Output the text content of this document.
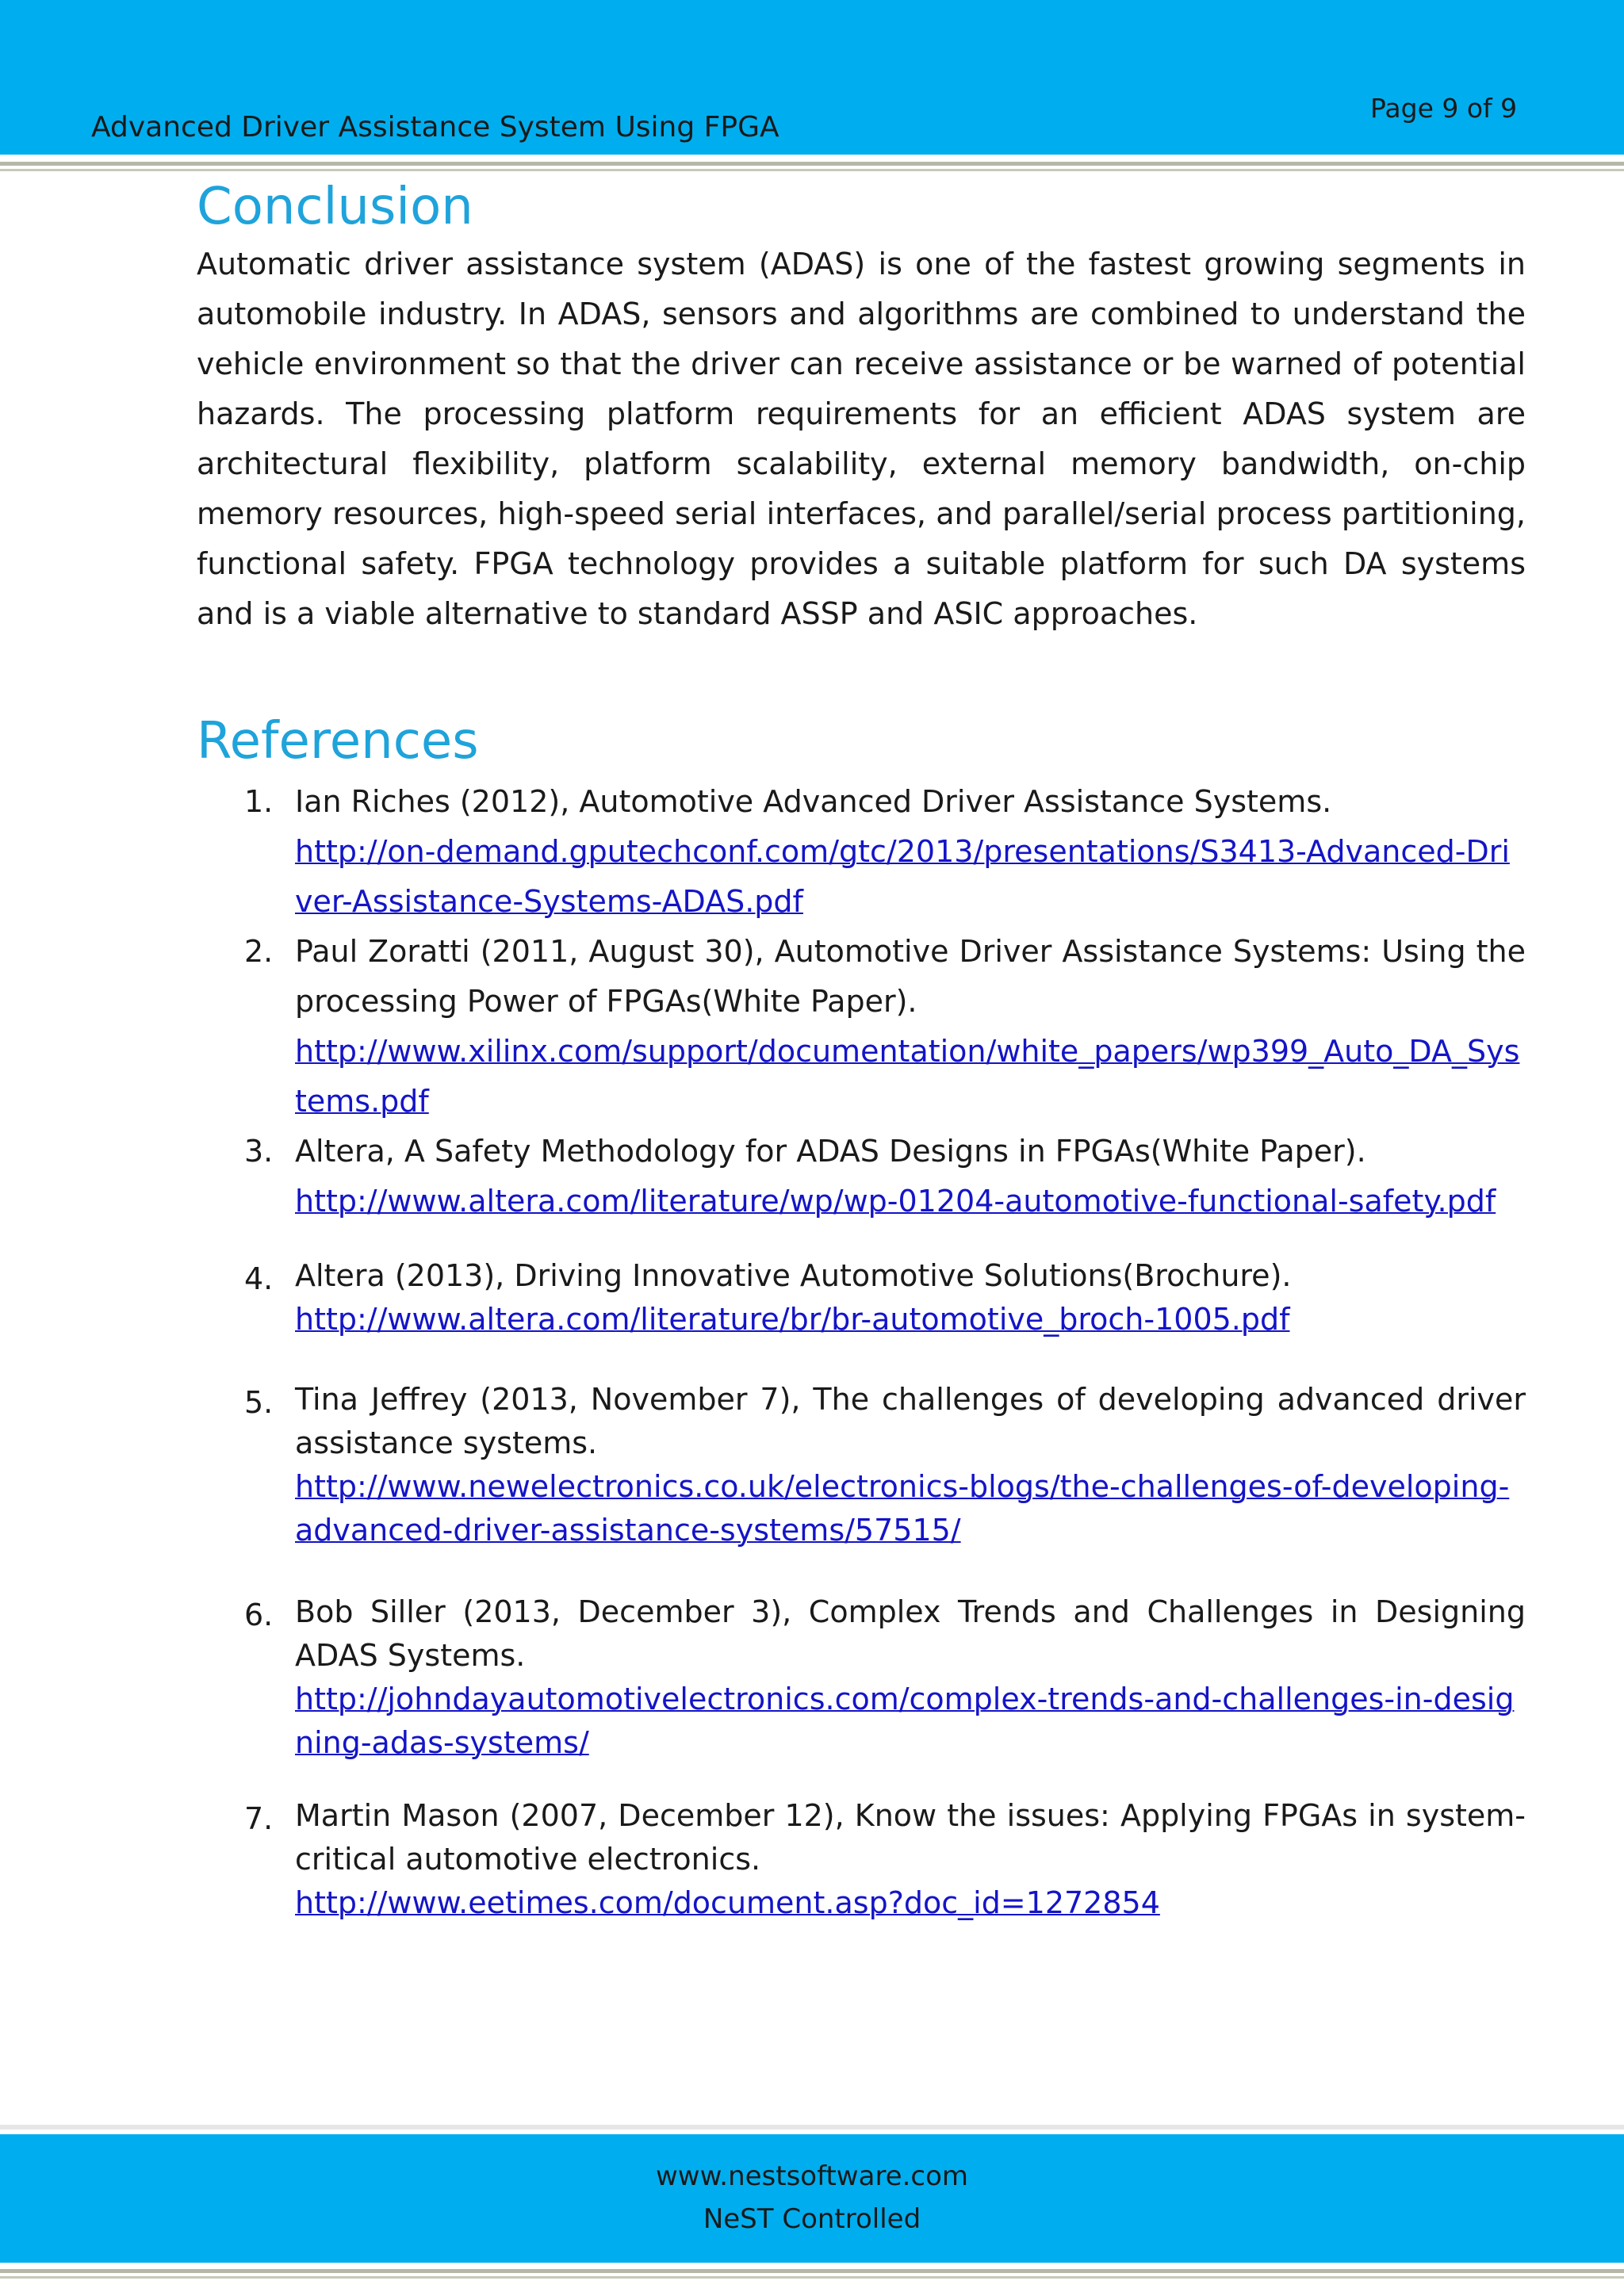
Advanced Driver Assistance System Using FPGA
Page 9 of 9
Conclusion

Automatic driver assistance system (ADAS) is one of the fastest growing segments in automobile industry. In ADAS, sensors and algorithms are combined to understand the vehicle environment so that the driver can receive assistance or be warned of potential hazards. The processing platform requirements for an efficient ADAS system are architectural flexibility, platform scalability, external memory bandwidth, on-chip memory resources, high-speed serial interfaces, and parallel/serial process partitioning, functional safety. FPGA technology provides a suitable platform for such DA systems and is a viable alternative to standard ASSP and ASIC approaches.

References
1. Ian Riches (2012), Automotive Advanced Driver Assistance Systems.
http://on-demand.gputechconf.com/gtc/2013/presentations/S3413-Advanced-Driver-Assistance-Systems-ADAS.pdf
2. Paul Zoratti (2011, August 30), Automotive Driver Assistance Systems: Using the processing Power of FPGAs(White Paper).
http://www.xilinx.com/support/documentation/white_papers/wp399_Auto_DA_Systems.pdf
3. Altera, A Safety Methodology for ADAS Designs in FPGAs(White Paper).
http://www.altera.com/literature/wp/wp-01204-automotive-functional-safety.pdf
4. Altera (2013), Driving Innovative Automotive Solutions(Brochure).
http://www.altera.com/literature/br/br-automotive_broch-1005.pdf
5. Tina Jeffrey (2013, November 7), The challenges of developing advanced driver assistance systems.
http://www.newelectronics.co.uk/electronics-blogs/the-challenges-of-developing-advanced-driver-assistance-systems/57515/
6. Bob Siller (2013, December 3), Complex Trends and Challenges in Designing ADAS Systems.
http://johndayautomotivelectronics.com/complex-trends-and-challenges-in-designing-adas-systems/
7. Martin Mason (2007, December 12), Know the issues: Applying FPGAs in system-critical automotive electronics.
http://www.eetimes.com/document.asp?doc_id=1272854
www.nestsoftware.com
NeST Controlled
